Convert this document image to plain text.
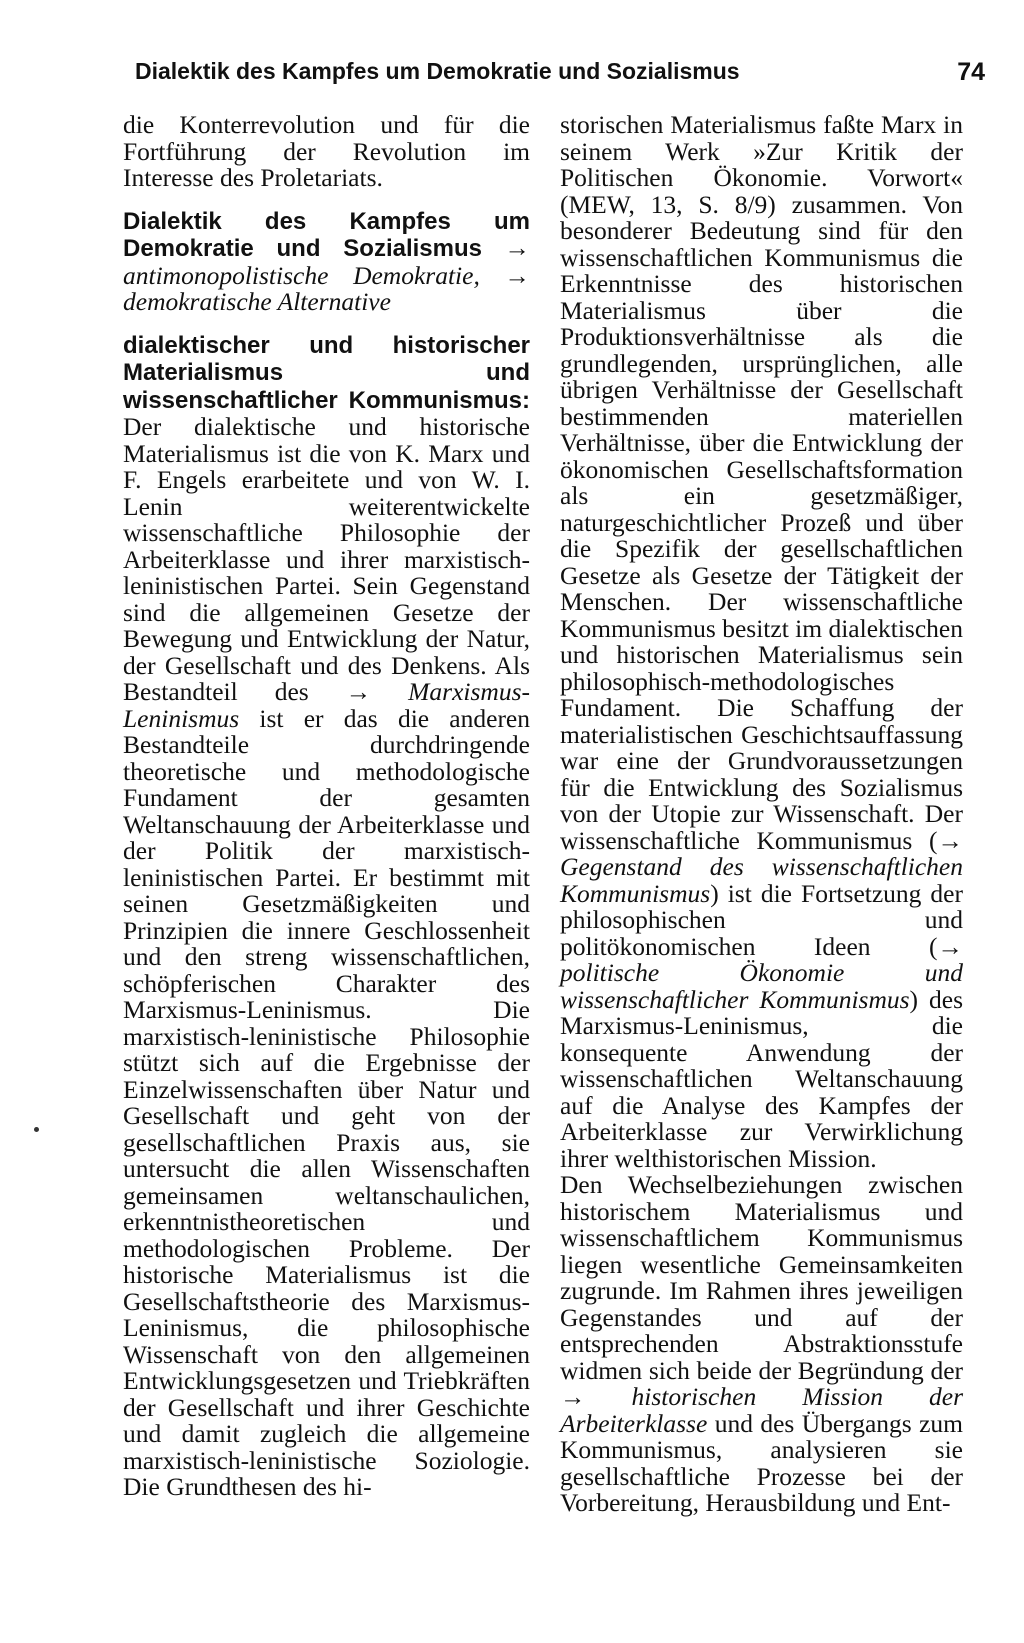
Dialektik des Kampfes um Demokratie und Sozialismus	74

die Konterrevolution und für die Fortführung der Revolution im Interesse des Proletariats.

Dialektik des Kampfes um Demokratie und Sozialismus → antimonopolistische Demokratie, → demokratische Alternative

dialektischer und historischer Materialismus und wissenschaftlicher Kommunismus: Der dialektische und historische Materialismus ist die von K. Marx und F. Engels erarbeitete und von W. I. Lenin weiterentwickelte wissenschaftliche Philosophie der Arbeiterklasse und ihrer marxistisch-leninistischen Partei. Sein Gegenstand sind die allgemeinen Gesetze der Bewegung und Entwicklung der Natur, der Gesellschaft und des Denkens. Als Bestandteil des → Marxismus-Leninismus ist er das die anderen Bestandteile durchdringende theoretische und methodologische Fundament der gesamten Weltanschauung der Arbeiterklasse und der Politik der marxistisch-leninistischen Partei. Er bestimmt mit seinen Gesetzmäßigkeiten und Prinzipien die innere Geschlossenheit und den streng wissenschaftlichen, schöpferischen Charakter des Marxismus-Leninismus. Die marxistisch-leninistische Philosophie stützt sich auf die Ergebnisse der Einzelwissenschaften über Natur und Gesellschaft und geht von der gesellschaftlichen Praxis aus, sie untersucht die allen Wissenschaften gemeinsamen weltanschaulichen, erkenntnistheoretischen und methodologischen Probleme. Der historische Materialismus ist die Gesellschaftstheorie des Marxismus-Leninismus, die philosophische Wissenschaft von den allgemeinen Entwicklungsgesetzen und Triebkräften der Gesellschaft und ihrer Geschichte und damit zugleich die allgemeine marxistisch-leninistische Soziologie. Die Grundthesen des hi-

storischen Materialismus faßte Marx in seinem Werk »Zur Kritik der Politischen Ökonomie. Vorwort« (MEW, 13, S. 8/9) zusammen. Von besonderer Bedeutung sind für den wissenschaftlichen Kommunismus die Erkenntnisse des historischen Materialismus über die Produktionsverhältnisse als die grundlegenden, ursprünglichen, alle übrigen Verhältnisse der Gesellschaft bestimmenden materiellen Verhältnisse, über die Entwicklung der ökonomischen Gesellschaftsformation als ein gesetzmäßiger, naturgeschichtlicher Prozeß und über die Spezifik der gesellschaftlichen Gesetze als Gesetze der Tätigkeit der Menschen. Der wissenschaftliche Kommunismus besitzt im dialektischen und historischen Materialismus sein philosophisch-methodologisches Fundament. Die Schaffung der materialistischen Geschichtsauffassung war eine der Grundvoraussetzungen für die Entwicklung des Sozialismus von der Utopie zur Wissenschaft. Der wissenschaftliche Kommunismus (→ Gegenstand des wissenschaftlichen Kommunismus) ist die Fortsetzung der philosophischen und politökonomischen Ideen (→ politische Ökonomie und wissenschaftlicher Kommunismus) des Marxismus-Leninismus, die konsequente Anwendung der wissenschaftlichen Weltanschauung auf die Analyse des Kampfes der Arbeiterklasse zur Verwirklichung ihrer welthistorischen Mission.

Den Wechselbeziehungen zwischen historischem Materialismus und wissenschaftlichem Kommunismus liegen wesentliche Gemeinsamkeiten zugrunde. Im Rahmen ihres jeweiligen Gegenstandes und auf der entsprechenden Abstraktionsstufe widmen sich beide der Begründung der → historischen Mission der Arbeiterklasse und des Übergangs zum Kommunismus, analysieren sie gesellschaftliche Prozesse bei der Vorbereitung, Herausbildung und Ent-
